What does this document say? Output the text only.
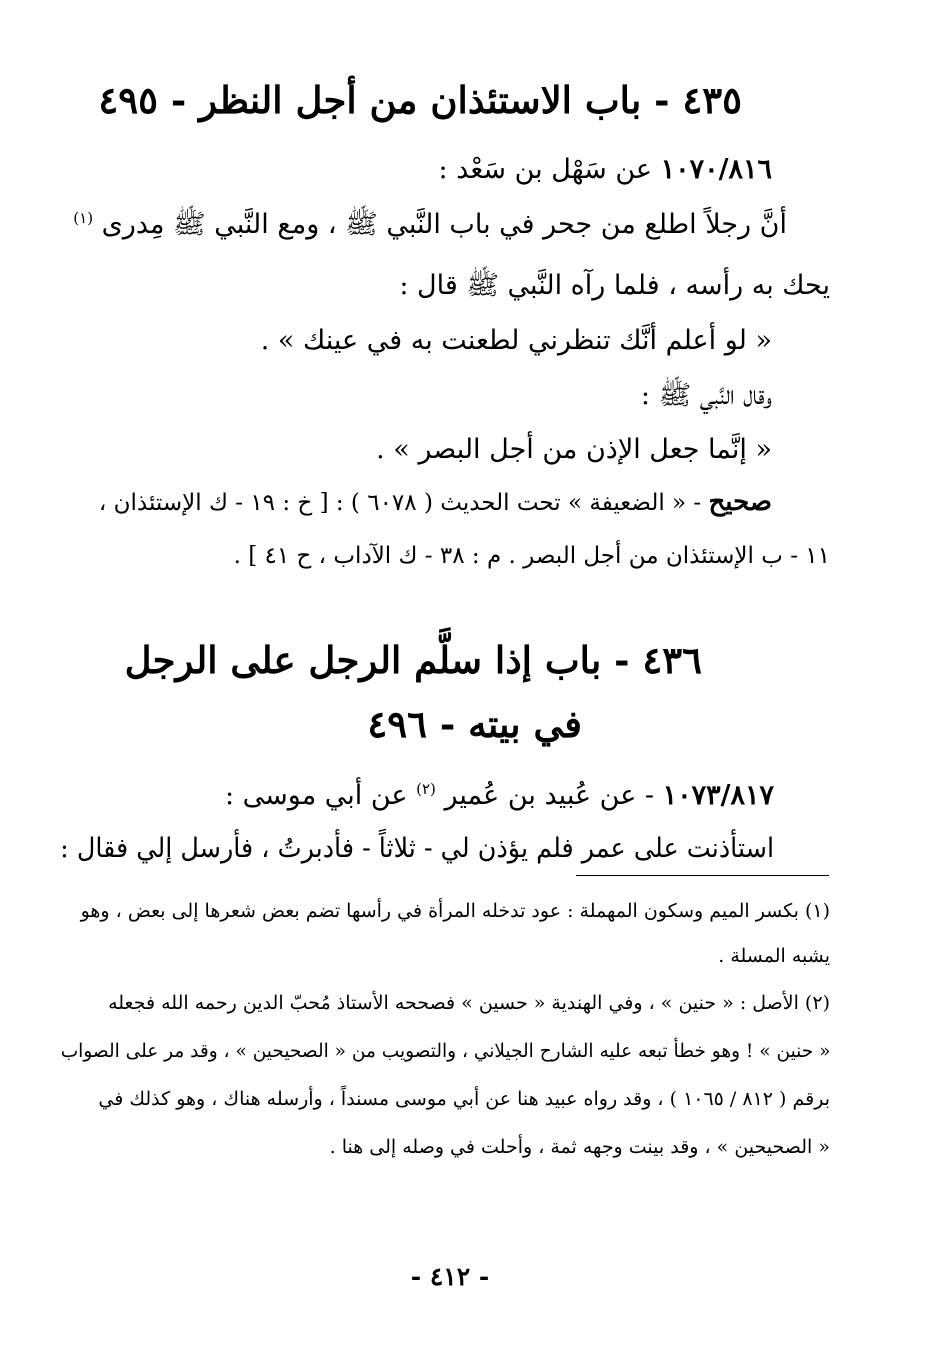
٤٣٥ - باب الاستئذان من أجل النظر - ٤٩٥
١٠٧٠/٨١٦ عن سَهْل بن سَعْد :
أنَّ رجلاً اطلع من جحر في باب النَّبي ﷺ ، ومع النَّبي ﷺ مِدرى $^{(١)}$
يحك به رأسه ، فلما رآه النَّبي ﷺ قال :
« لو أعلم أنَّك تنظرني لطعنت به في عينك » .
وقال النَّبي ﷺ :
« إنَّما جعل الإذن من أجل البصر » .
صحيح - « الضعيفة » تحت الحديث ( ٦٠٧٨ ) : [ خ : ١٩ - ك الإستئذان ،
١١ - ب الإستئذان من أجل البصر . م : ٣٨ - ك الآداب ، ح ٤١ ] .
٤٣٦ - باب إذا سلَّم الرجل على الرجل
في بيته - ٤٩٦
١٠٧٣/٨١٧ - عن عُبيد بن عُمير $^{(٢)}$ عن أبي موسى :
استأذنت على عمر فلم يؤذن لي - ثلاثاً - فأدبرتُ ، فأرسل إلي فقال :
(١) بكسر الميم وسكون المهملة : عود تدخله المرأة في رأسها تضم بعض شعرها إلى بعض ، وهو
يشبه المسلة .
(٢) الأصل : « حنين » ، وفي الهندية « حسين » فصححه الأستاذ مُحبّ الدين رحمه الله فجعله
« حنين » ! وهو خطأ تبعه عليه الشارح الجيلاني ، والتصويب من « الصحيحين » ، وقد مر على الصواب
برقم ( ٨١٢ / ١٠٦٥ ) ، وقد رواه عبيد هنا عن أبي موسى مسنداً ، وأرسله هناك ، وهو كذلك في
« الصحيحين » ، وقد بينت وجهه ثمة ، وأحلت في وصله إلى هنا .
- ٤١٢ -
